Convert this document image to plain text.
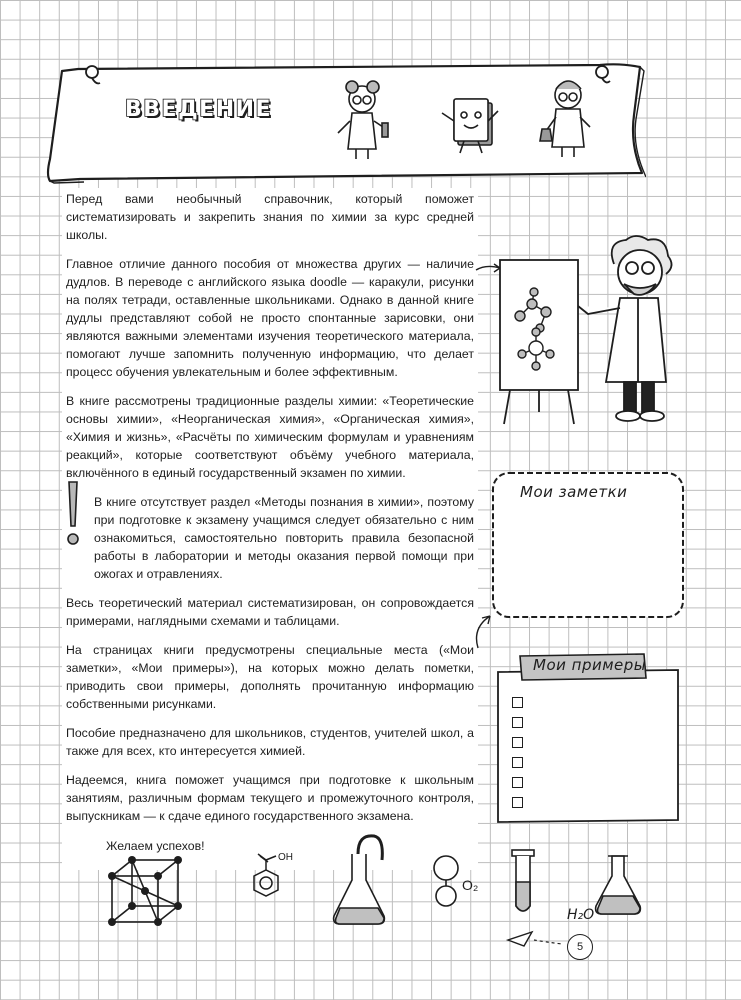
ВВЕДЕНИЕ

Перед вами необычный справочник, который поможет систематизировать и закрепить знания по химии за курс средней школы.

Главное отличие данного пособия от множества других — наличие дудлов. В переводе с английского языка doodle — каракули, рисунки на полях тетради, оставленные школьниками. Однако в данной книге дудлы представляют собой не просто спонтанные зарисовки, они являются важными элементами изучения теоретического материала, помогают лучше запомнить полученную информацию, что делает процесс обучения увлекательным и более эффективным.

В книге рассмотрены традиционные разделы химии: «Теоретические основы химии», «Неорганическая химия», «Органическая химия», «Химия и жизнь», «Расчёты по химическим формулам и уравнениям реакций», которые соответствуют объёму учебного материала, включённого в единый государственный экзамен по химии.

В книге отсутствует раздел «Методы познания в химии», поэтому при подготовке к экзамену учащимся следует обязательно с ним ознакомиться, самостоятельно повторить правила безопасной работы в лаборатории и методы оказания первой помощи при ожогах и отравлениях.

Весь теоретический материал систематизирован, он сопровождается примерами, наглядными схемами и таблицами.

На страницах книги предусмотрены специальные места («Мои заметки», «Мои примеры»), на которых можно делать пометки, приводить свои примеры, дополнять прочитанную информацию собственными рисунками.

Пособие предназначено для школьников, студентов, учителей школ, а также для всех, кто интересуется химией.

Надеемся, книга поможет учащимся при подготовке к школьным занятиям, различным формам текущего и промежуточного контроля, выпускникам — к сдаче единого государственного экзамена.

Желаем успехов!

Мои заметки
Мои примеры
OH
O₂
H₂O
5
